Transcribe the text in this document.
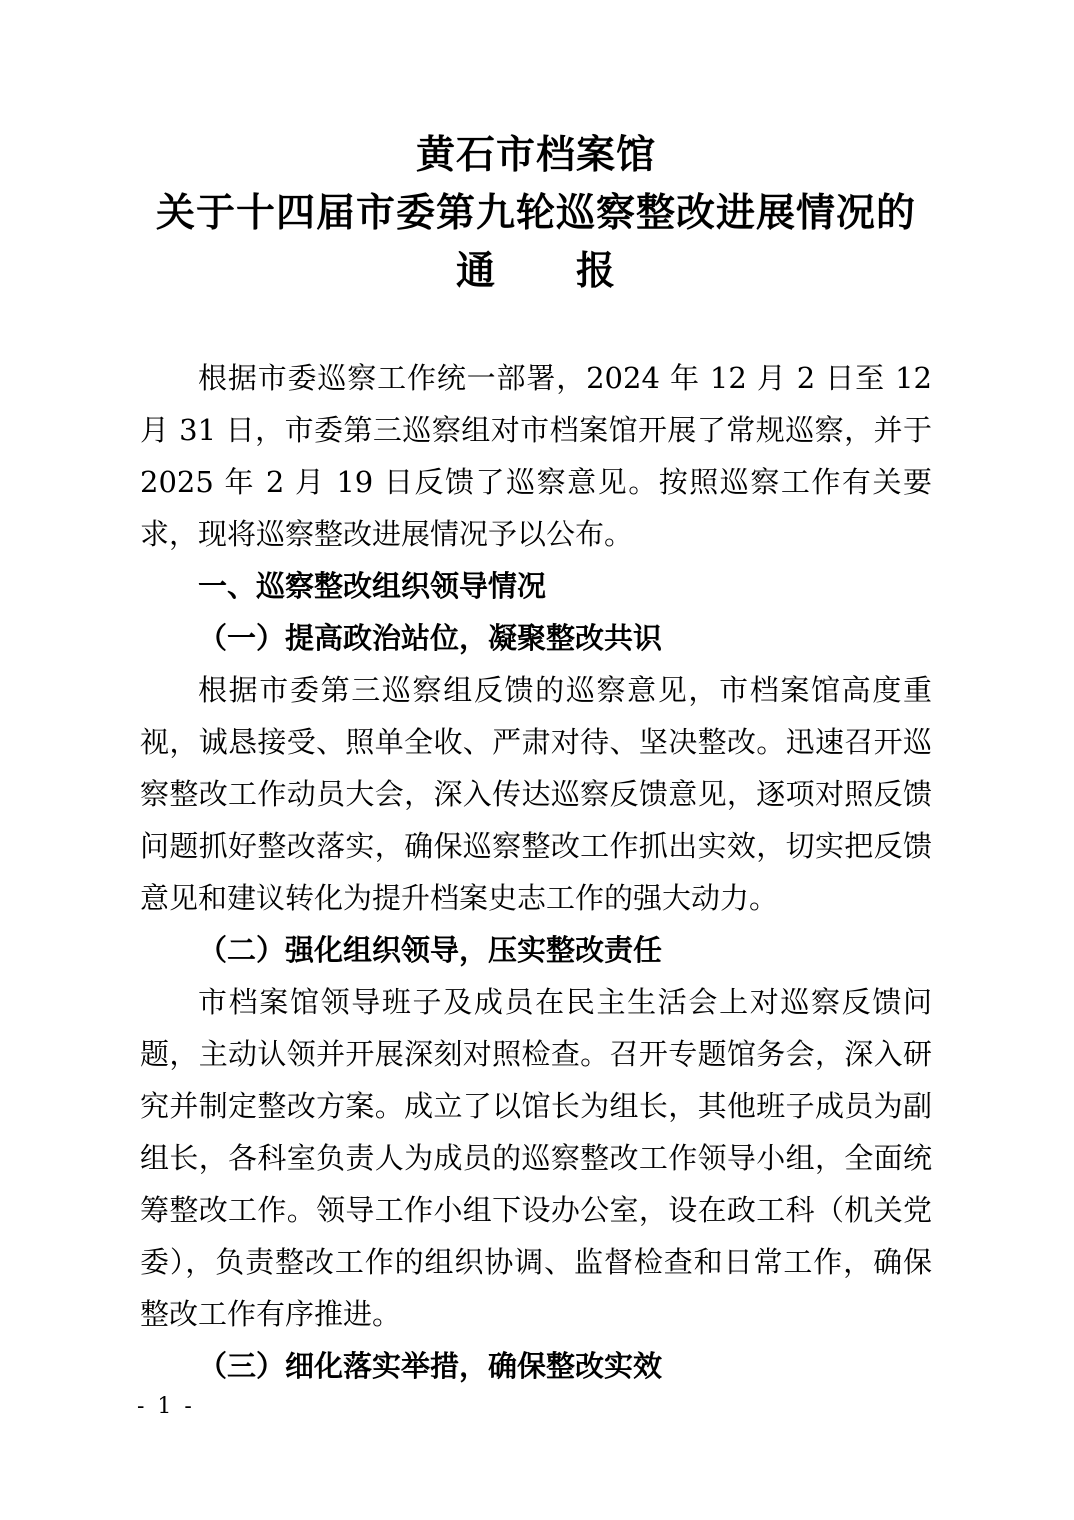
黄石市档案馆
关于十四届市委第九轮巡察整改进展情况的
通　　报

根据市委巡察工作统一部署，2024 年 12 月 2 日至 12 月 31 日，市委第三巡察组对市档案馆开展了常规巡察，并于 2025 年 2 月 19 日反馈了巡察意见。按照巡察工作有关要求，现将巡察整改进展情况予以公布。

一、巡察整改组织领导情况
（一）提高政治站位，凝聚整改共识

根据市委第三巡察组反馈的巡察意见，市档案馆高度重视，诚恳接受、照单全收、严肃对待、坚决整改。迅速召开巡察整改工作动员大会，深入传达巡察反馈意见，逐项对照反馈问题抓好整改落实，确保巡察整改工作抓出实效，切实把反馈意见和建议转化为提升档案史志工作的强大动力。

（二）强化组织领导，压实整改责任

市档案馆领导班子及成员在民主生活会上对巡察反馈问题，主动认领并开展深刻对照检查。召开专题馆务会，深入研究并制定整改方案。成立了以馆长为组长，其他班子成员为副组长，各科室负责人为成员的巡察整改工作领导小组，全面统筹整改工作。领导工作小组下设办公室，设在政工科（机关党委），负责整改工作的组织协调、监督检查和日常工作，确保整改工作有序推进。

（三）细化落实举措，确保整改实效
- 1 -
